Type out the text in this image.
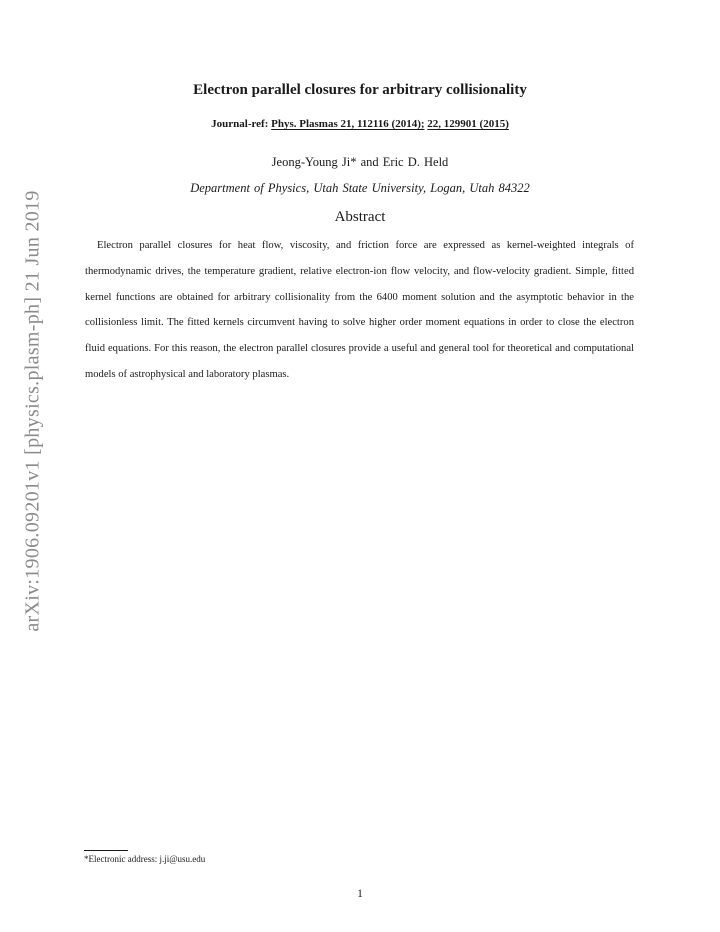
arXiv:1906.09201v1 [physics.plasm-ph] 21 Jun 2019
Electron parallel closures for arbitrary collisionality
Journal-ref: Phys. Plasmas 21, 112116 (2014); 22, 129901 (2015)
Jeong-Young Ji* and Eric D. Held
Department of Physics, Utah State University, Logan, Utah 84322
Abstract

Electron parallel closures for heat flow, viscosity, and friction force are expressed as kernel-weighted integrals of thermodynamic drives, the temperature gradient, relative electron-ion flow velocity, and flow-velocity gradient. Simple, fitted kernel functions are obtained for arbitrary collisionality from the 6400 moment solution and the asymptotic behavior in the collisionless limit. The fitted kernels circumvent having to solve higher order moment equations in order to close the electron fluid equations. For this reason, the electron parallel closures provide a useful and general tool for theoretical and computational models of astrophysical and laboratory plasmas.

*Electronic address: j.ji@usu.edu
1
